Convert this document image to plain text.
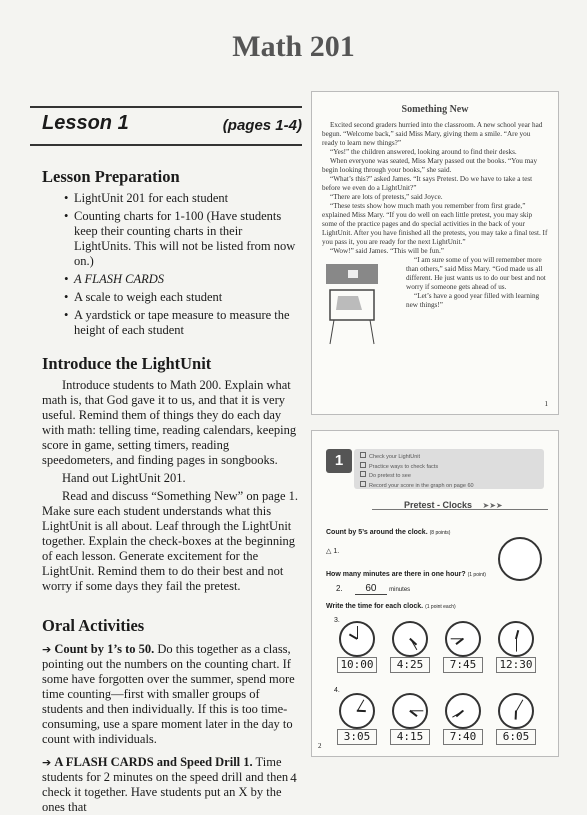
Math 201
Lesson 1	(pages 1-4)
Lesson Preparation
• LightUnit 201 for each student
• Counting charts for 1-100 (Have students keep their counting charts in their LightUnits. This will not be listed from now on.)
• A FLASH CARDS
• A scale to weigh each student
• A yardstick or tape measure to measure the height of each student
Introduce the LightUnit

Introduce students to Math 200. Explain what math is, that God gave it to us, and that it is very useful. Remind them of things they do each day with math: telling time, reading calendars, keeping score in game, setting timers, reading speedometers, and finding pages in songbooks.

Hand out LightUnit 201.

Read and discuss “Something New” on page 1. Make sure each student understands what this LightUnit is all about. Leaf through the LightUnit together. Explain the check-boxes at the beginning of each lesson. Generate excitement for the LightUnit. Remind them to do their best and not worry if some days they fail the pretest.

Oral Activities

➔ Count by 1’s to 50. Do this together as a class, pointing out the numbers on the counting chart. If some have forgotten over the summer, spend more time counting—first with smaller groups of students and then individually. If this is too time-consuming, use a spare moment later in the day to count with individuals.

➔ A FLASH CARDS and Speed Drill 1. Time students for 2 minutes on the speed drill and then check it together. Have students put an X by the ones that

Something New

Excited second graders hurried into the classroom. A new school year had begun. “Welcome back,” said Miss Mary, giving them a smile. “Are you ready to learn new things?”

“Yes!” the children answered, looking around to find their desks.

When everyone was seated, Miss Mary passed out the books. “You may begin looking through your books,” she said.

“What’s this?” asked James. “It says Pretest. Do we have to take a test before we even do a LightUnit?”

“There are lots of pretests,” said Joyce.

“These tests show how much math you remember from first grade,” explained Miss Mary. “If you do well on each little pretest, you may skip some of the practice pages and do special activities in the back of your LightUnit. After you have finished all the pretests, you may take a final test. If you pass it, you are ready for the next LightUnit.”

“Wow!” said James. “This will be fun.”

“I am sure some of you will remember more than others,” said Miss Mary. “God made us all different. He just wants us to do our best and not worry if someone gets ahead of us.

“Let’s have a good year filled with learning new things!”

1
1	Check your LightUnit
Practice ways to check facts
Do pretest to see
Record your score in the graph on page 60
Pretest - Clocks ➤➤➤
Count by 5’s around the clock. (8 points)
△ 1.
How many minutes are there in one hour? (1 point)
2. 60 minutes
Write the time for each clock. (1 point each)
3.
10:00	4:25	7:45	12:30
4.
3:05	4:15	7:40	6:05
2
4
